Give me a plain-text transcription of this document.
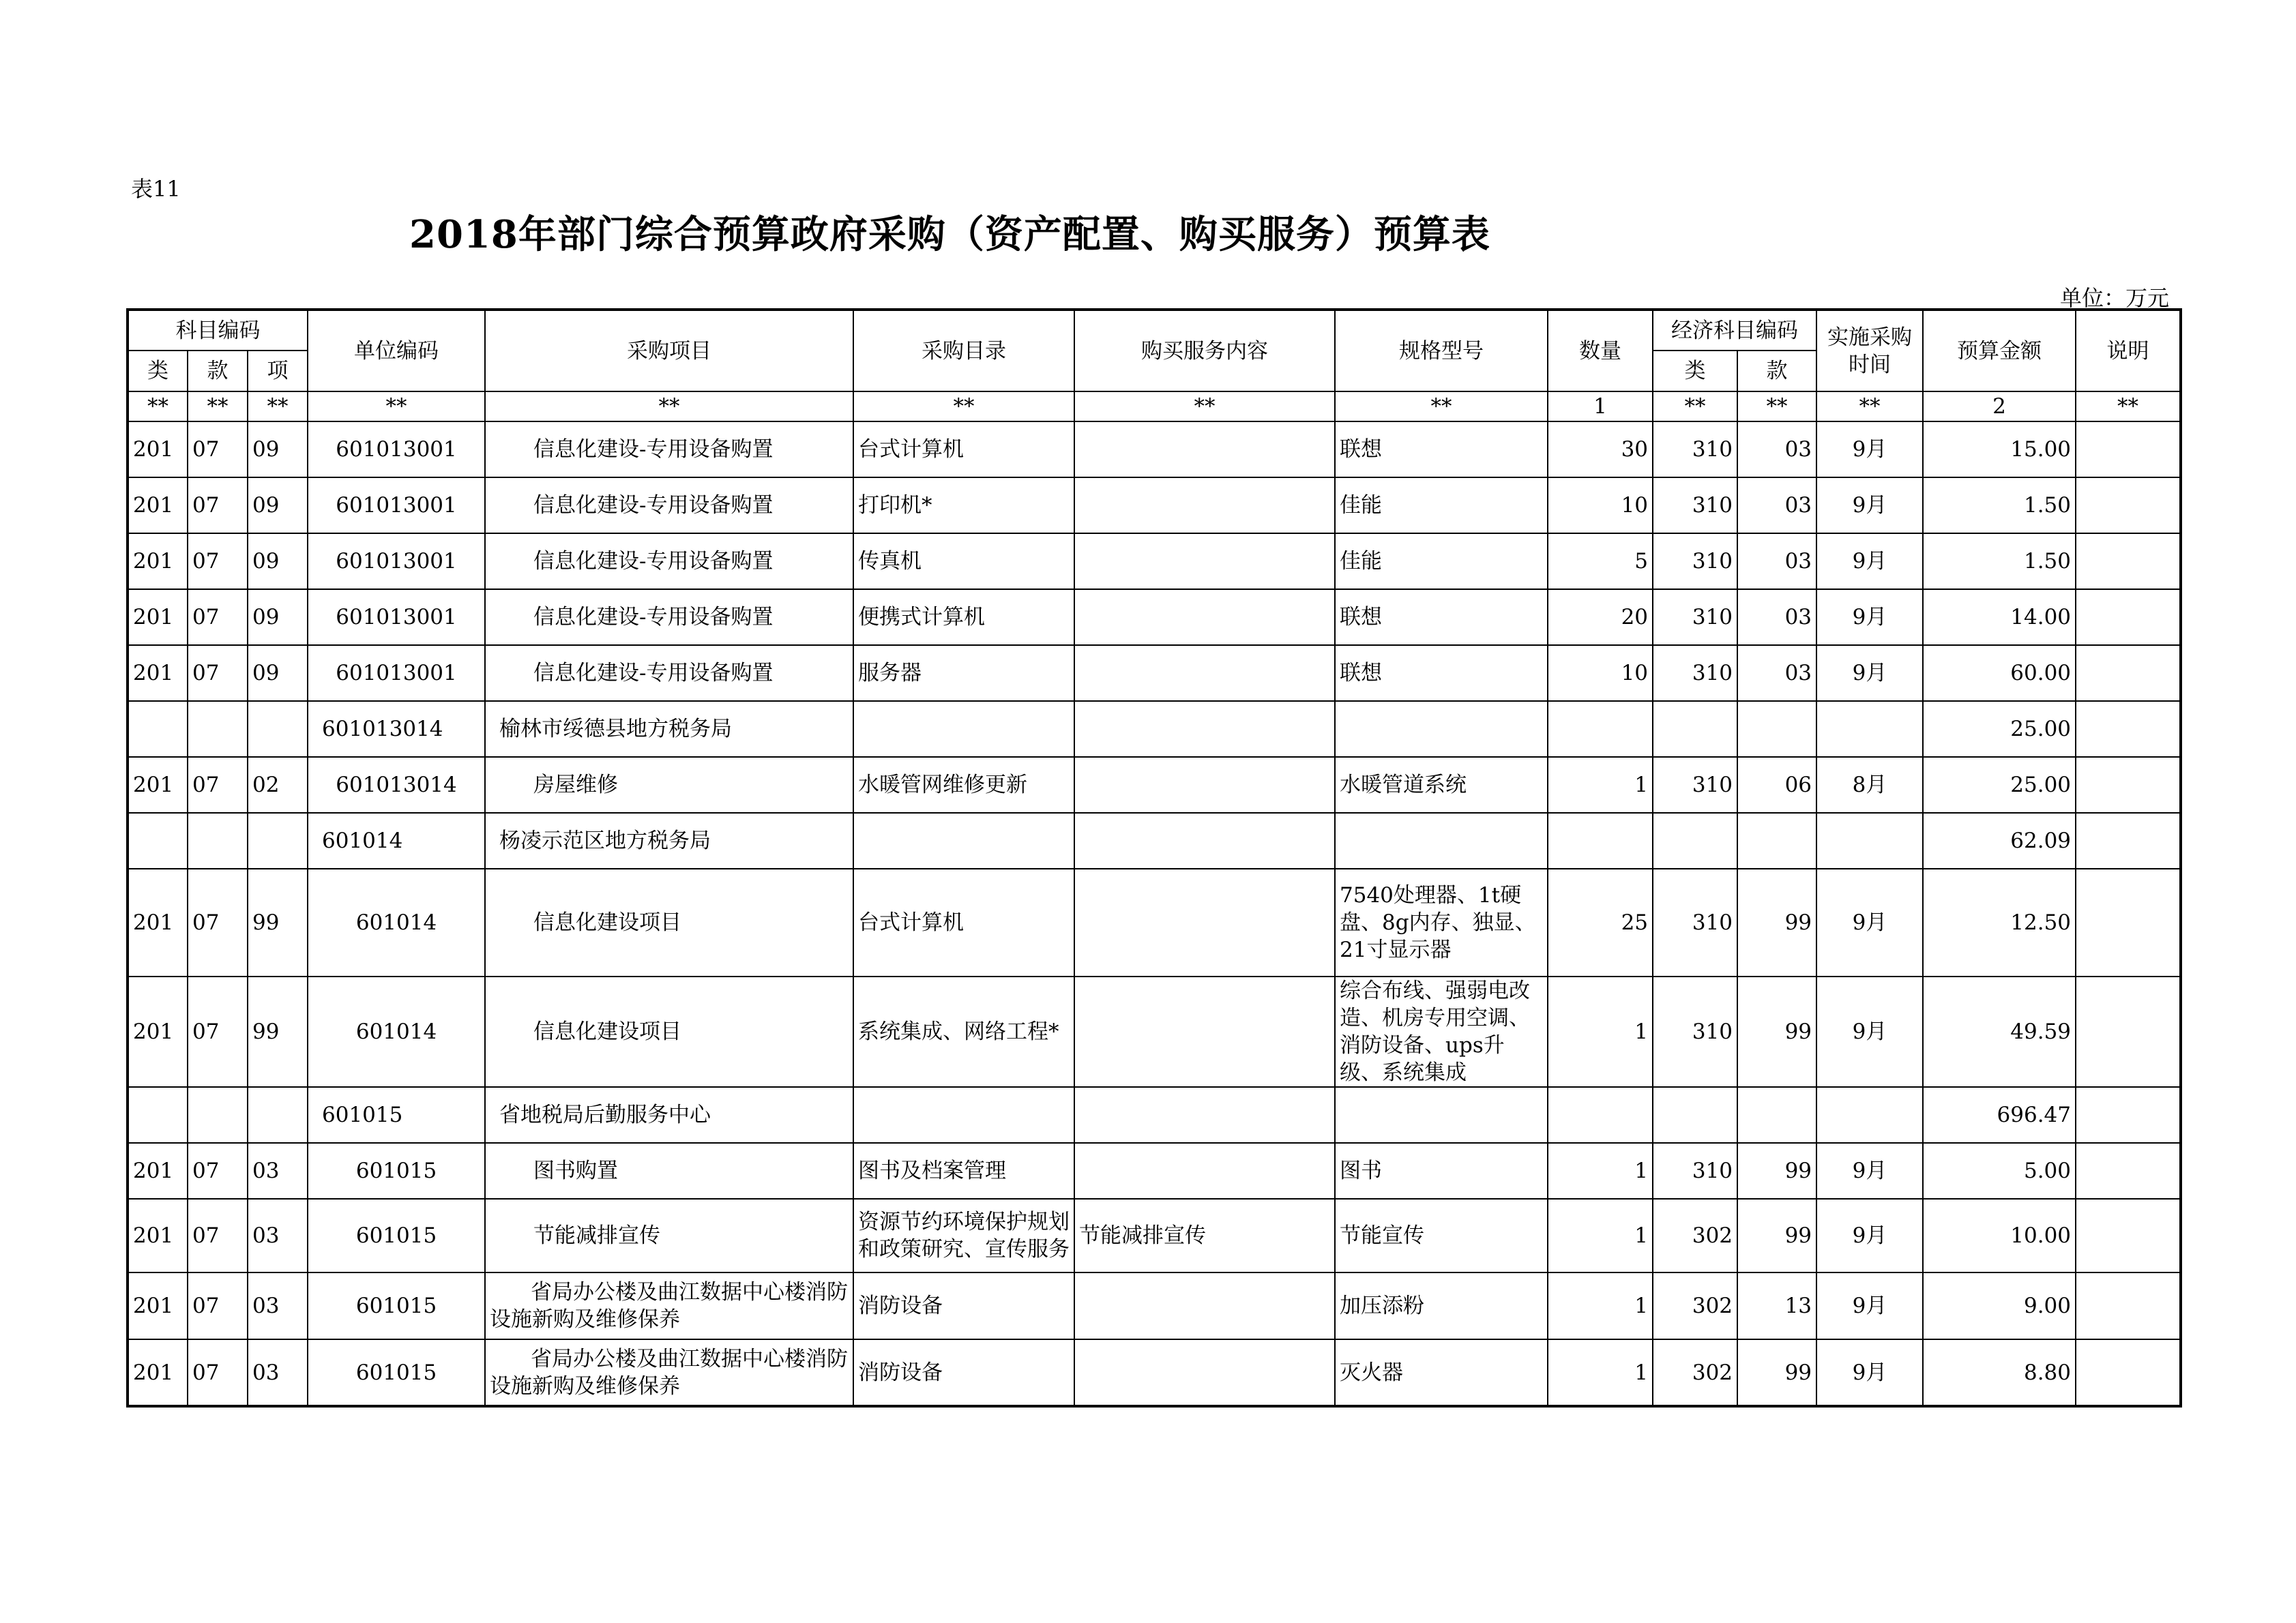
表11
2018年部门综合预算政府采购（资产配置、购买服务）预算表
单位：万元
科目编码			单位编码	采购项目	采购目录	购买服务内容	规格型号	数量	经济科目编码		实施采购时间	预算金额	说明
类	款	项							类	款			
**	**	**	**	**	**	**	**	1	**	**	**	2	**
201	07	09	601013001	信息化建设-专用设备购置	台式计算机		联想	30	310	03	9月	15.00	
201	07	09	601013001	信息化建设-专用设备购置	打印机*		佳能	10	310	03	9月	1.50	
201	07	09	601013001	信息化建设-专用设备购置	传真机		佳能	5	310	03	9月	1.50	
201	07	09	601013001	信息化建设-专用设备购置	便携式计算机		联想	20	310	03	9月	14.00	
201	07	09	601013001	信息化建设-专用设备购置	服务器		联想	10	310	03	9月	60.00	
			601013014	榆林市绥德县地方税务局								25.00	
201	07	02	601013014	房屋维修	水暖管网维修更新		水暖管道系统	1	310	06	8月	25.00	
			601014	杨凌示范区地方税务局								62.09	
201	07	99	601014	信息化建设项目	台式计算机		7540处理器、1t硬盘、8g内存、独显、21寸显示器	25	310	99	9月	12.50	
201	07	99	601014	信息化建设项目	系统集成、网络工程*		综合布线、强弱电改造、机房专用空调、消防设备、ups升级、系统集成	1	310	99	9月	49.59	
			601015	省地税局后勤服务中心								696.47	
201	07	03	601015	图书购置	图书及档案管理		图书	1	310	99	9月	5.00	
201	07	03	601015	节能减排宣传	资源节约环境保护规划和政策研究、宣传服务	节能减排宣传	节能宣传	1	302	99	9月	10.00	
201	07	03	601015	省局办公楼及曲江数据中心楼消防设施新购及维修保养	消防设备		加压添粉	1	302	13	9月	9.00	
201	07	03	601015	省局办公楼及曲江数据中心楼消防设施新购及维修保养	消防设备		灭火器	1	302	99	9月	8.80	
